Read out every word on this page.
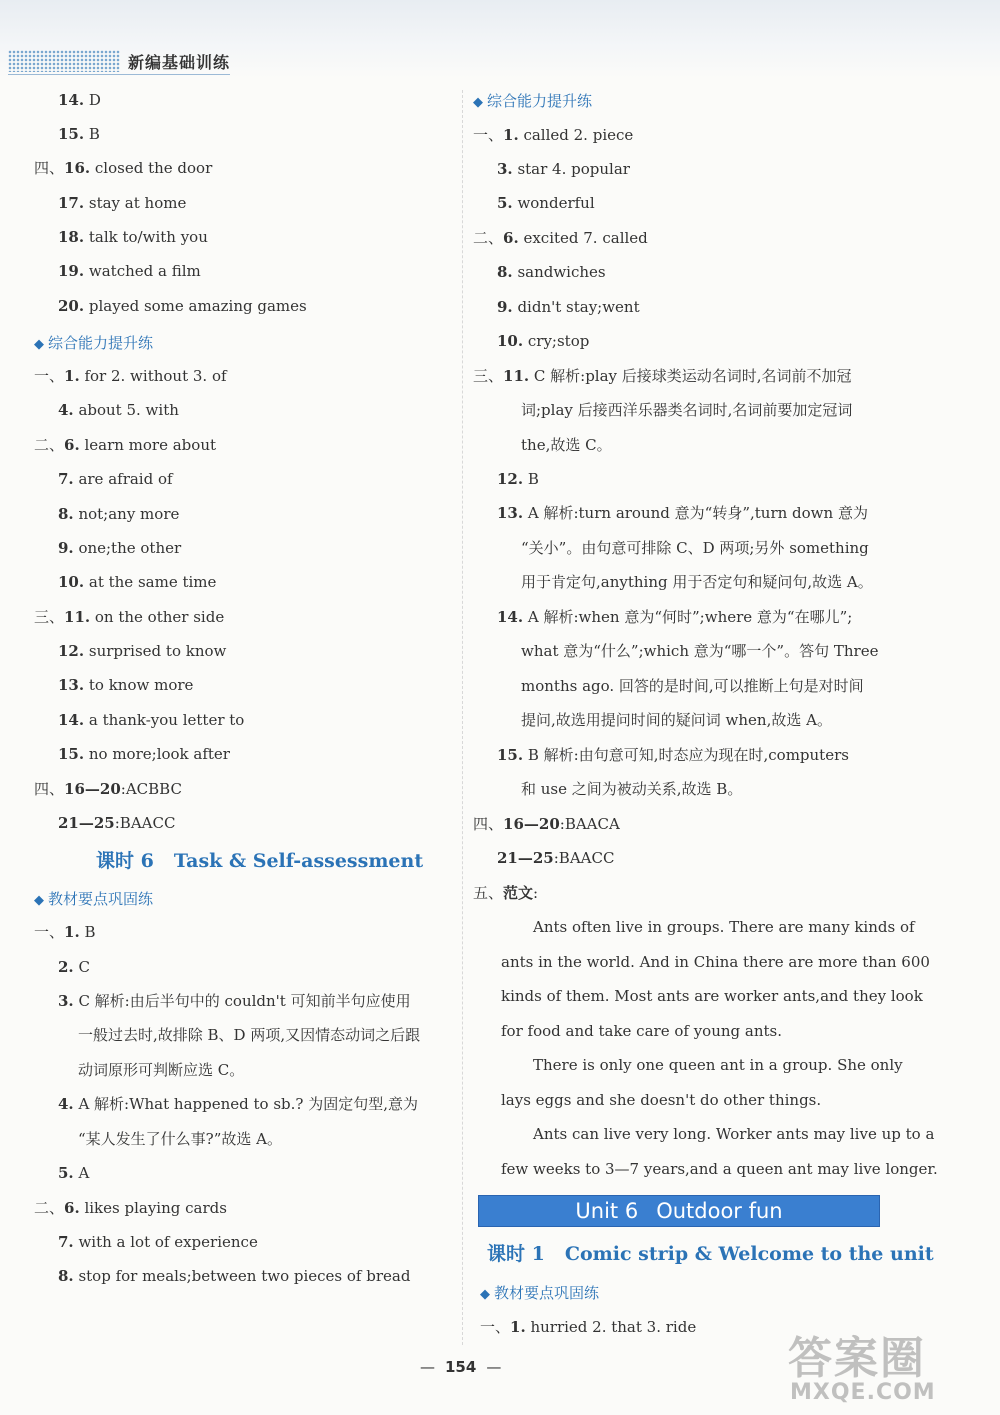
新编基础训练
14. D
15. B
四、16. closed the door
17. stay at home
18. talk to/with you
19. watched a film
20. played some amazing games
◆ 综合能力提升练
一、1. for 2. without 3. of
4. about 5. with
二、6. learn more about
7. are afraid of
8. not;any more
9. one;the other
10. at the same time
三、11. on the other side
12. surprised to know
13. to know more
14. a thank-you letter to
15. no more;look after
四、16—20:ACBBC
21—25:BAACC
课时 6 Task & Self-assessment
◆ 教材要点巩固练
一、1. B
2. C
3. C 解析:由后半句中的 couldn't 可知前半句应使用
一般过去时,故排除 B、D 两项,又因情态动词之后跟
动词原形可判断应选 C。
4. A 解析:What happened to sb.? 为固定句型,意为
“某人发生了什么事?”故选 A。
5. A
二、6. likes playing cards
7. with a lot of experience
8. stop for meals;between two pieces of bread
◆ 综合能力提升练
一、1. called 2. piece
3. star 4. popular
5. wonderful
二、6. excited 7. called
8. sandwiches
9. didn't stay;went
10. cry;stop
三、11. C 解析:play 后接球类运动名词时,名词前不加冠
词;play 后接西洋乐器类名词时,名词前要加定冠词
the,故选 C。
12. B
13. A 解析:turn around 意为“转身”,turn down 意为
“关小”。由句意可排除 C、D 两项;另外 something
用于肯定句,anything 用于否定句和疑问句,故选 A。
14. A 解析:when 意为“何时”;where 意为“在哪儿”;
what 意为“什么”;which 意为“哪一个”。答句 Three
months ago. 回答的是时间,可以推断上句是对时间
提问,故选用提问时间的疑问词 when,故选 A。
15. B 解析:由句意可知,时态应为现在时,computers
和 use 之间为被动关系,故选 B。
四、16—20:BAACA
21—25:BAACC
五、范文:
Ants often live in groups. There are many kinds of
ants in the world. And in China there are more than 600
kinds of them. Most ants are worker ants,and they look
for food and take care of young ants.
There is only one queen ant in a group. She only
lays eggs and she doesn't do other things.
Ants can live very long. Worker ants may live up to a
few weeks to 3—7 years,and a queen ant may live longer.
Unit 6 Outdoor fun
课时 1 Comic strip & Welcome to the unit
◆ 教材要点巩固练
一、1. hurried 2. that 3. ride
— 154 —	答案圈
MXQE.COM
